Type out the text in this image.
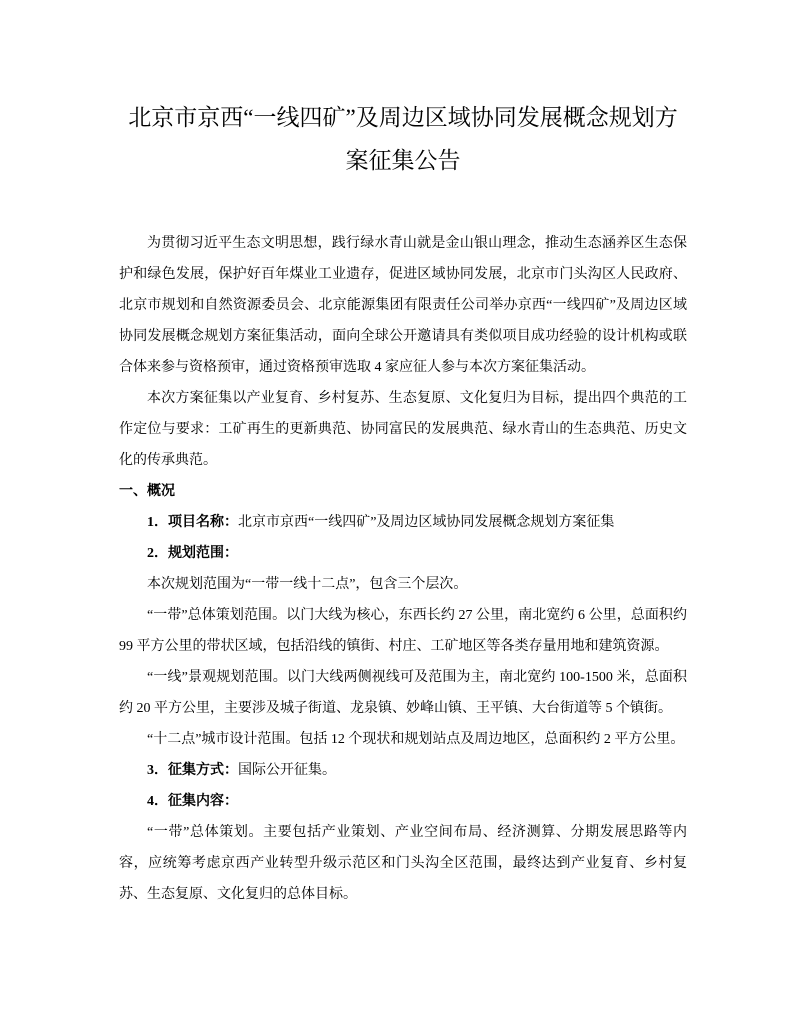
北京市京西“一线四矿”及周边区域协同发展概念规划方案征集公告
为贯彻习近平生态文明思想，践行绿水青山就是金山银山理念，推动生态涵养区生态保护和绿色发展，保护好百年煤业工业遗存，促进区域协同发展，北京市门头沟区人民政府、北京市规划和自然资源委员会、北京能源集团有限责任公司举办京西“一线四矿”及周边区域协同发展概念规划方案征集活动，面向全球公开邀请具有类似项目成功经验的设计机构或联合体来参与资格预审，通过资格预审选取 4 家应征人参与本次方案征集活动。
本次方案征集以产业复育、乡村复苏、生态复原、文化复归为目标，提出四个典范的工作定位与要求：工矿再生的更新典范、协同富民的发展典范、绿水青山的生态典范、历史文化的传承典范。
一、概况
1．项目名称：北京市京西“一线四矿”及周边区域协同发展概念规划方案征集
2．规划范围：
本次规划范围为“一带一线十二点”，包含三个层次。
“一带”总体策划范围。以门大线为核心，东西长约 27 公里，南北宽约 6 公里，总面积约 99 平方公里的带状区域，包括沿线的镇街、村庄、工矿地区等各类存量用地和建筑资源。
“一线”景观规划范围。以门大线两侧视线可及范围为主，南北宽约 100-1500 米，总面积约 20 平方公里，主要涉及城子街道、龙泉镇、妙峰山镇、王平镇、大台街道等 5 个镇街。
“十二点”城市设计范围。包括 12 个现状和规划站点及周边地区，总面积约 2 平方公里。
3．征集方式：国际公开征集。
4．征集内容：
“一带”总体策划。主要包括产业策划、产业空间布局、经济测算、分期发展思路等内容，应统筹考虑京西产业转型升级示范区和门头沟全区范围，最终达到产业复育、乡村复苏、生态复原、文化复归的总体目标。
